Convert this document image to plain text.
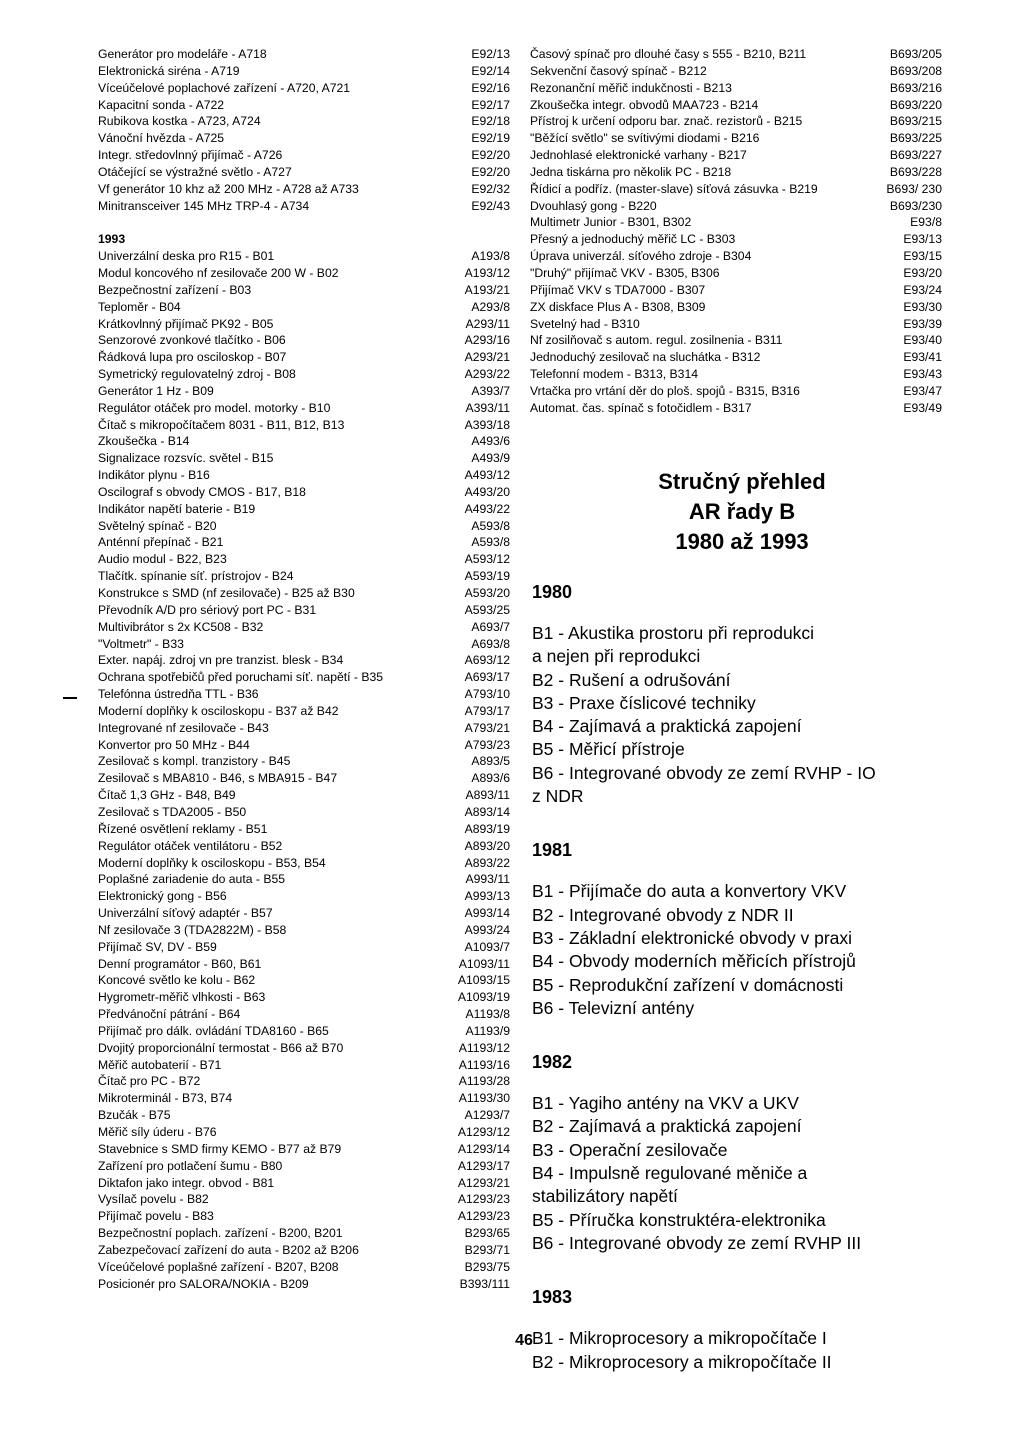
Generátor pro modeláře - A718	E92/13
Elektronická siréna - A719	E92/14
Víceúčelové poplachové zařízení - A720, A721	E92/16
Kapacitní sonda - A722	E92/17
Rubikova kostka - A723, A724	E92/18
Vánoční hvězda - A725	E92/19
Integr. středovlnný přijímač - A726	E92/20
Otáčející se výstražné světlo - A727	E92/20
Vf generátor 10 khz až 200 MHz - A728 až A733	E92/32
Minitransceiver 145 MHz TRP-4 - A734	E92/43
1993
Univerzální deska pro R15 - B01	A193/8
Modul koncového nf zesilovače 200 W - B02	A193/12
Bezpečnostní zařízení - B03	A193/21
Teploměr - B04	A293/8
Krátkovlnný přijímač PK92 - B05	A293/11
Senzorové zvonkové tlačítko - B06	A293/16
Řádková lupa pro osciloskop - B07	A293/21
Symetrický regulovatelný zdroj - B08	A293/22
Generátor 1 Hz - B09	A393/7
Regulátor otáček pro model. motorky - B10	A393/11
Čítač s mikropočítačem 8031 - B11, B12, B13	A393/18
Zkoušečka - B14	A493/6
Signalizace rozsvíc. světel - B15	A493/9
Indikátor plynu - B16	A493/12
Oscilograf s obvody CMOS - B17, B18	A493/20
Indikátor napětí baterie - B19	A493/22
Světelný spínač - B20	A593/8
Anténní přepínač - B21	A593/8
Audio modul - B22, B23	A593/12
Tlačítk. spínanie síť. prístrojov - B24	A593/19
Konstrukce s SMD (nf zesilovače) - B25 až B30	A593/20
Převodník A/D pro sériový port PC - B31	A593/25
Multivibrátor s 2x KC508 - B32	A693/7
"Voltmetr" - B33	A693/8
Exter. napáj. zdroj vn pre tranzist. blesk - B34	A693/12
Ochrana spotřebičů před poruchami síť. napětí - B35	A693/17
Telefónna ústredňa TTL - B36	A793/10
Moderní doplňky k osciloskopu - B37 až B42	A793/17
Integrované nf zesilovače - B43	A793/21
Konvertor pro 50 MHz - B44	A793/23
Zesilovač s kompl. tranzistory - B45	A893/5
Zesilovač s MBA810 - B46, s MBA915 - B47	A893/6
Čítač 1,3 GHz - B48, B49	A893/11
Zesilovač s TDA2005 - B50	A893/14
Řízené osvětlení reklamy - B51	A893/19
Regulátor otáček ventilátoru - B52	A893/20
Moderní doplňky k osciloskopu - B53, B54	A893/22
Poplašné zariadenie do auta - B55	A993/11
Elektronický gong - B56	A993/13
Univerzální síťový adaptér - B57	A993/14
Nf zesilovače 3 (TDA2822M) - B58	A993/24
Přijímač SV, DV - B59	A1093/7
Denní programátor - B60, B61	A1093/11
Koncové světlo ke kolu - B62	A1093/15
Hygrometr-měřič vlhkosti - B63	A1093/19
Předvánoční pátrání - B64	A1193/8
Přijímač pro dálk. ovládání TDA8160 - B65	A1193/9
Dvojitý proporcionální termostat - B66 až B70	A1193/12
Měřič autobaterií - B71	A1193/16
Čítač pro PC - B72	A1193/28
Mikroterminál - B73, B74	A1193/30
Bzučák - B75	A1293/7
Měřič síly úderu - B76	A1293/12
Stavebnice s SMD firmy KEMO - B77 až B79	A1293/14
Zařízení pro potlačení šumu - B80	A1293/17
Diktafon jako integr. obvod - B81	A1293/21
Vysílač povelu - B82	A1293/23
Přijímač povelu - B83	A1293/23
Bezpečnostní poplach. zařízení - B200, B201	B293/65
Zabezpečovací zařízení do auta - B202 až B206	B293/71
Víceúčelové poplašné zařízení - B207, B208	B293/75
Posicionér pro SALORA/NOKIA - B209	B393/111
Časový spínač pro dlouhé časy s 555 - B210, B211	B693/205
Sekvenční časový spínač - B212	B693/208
Rezonanční měřič indukčnosti - B213	B693/216
Zkoušečka integr. obvodů MAA723 - B214	B693/220
Přístroj k určení odporu bar. znač. rezistorů - B215	B693/215
"Běžící světlo" se svítivými diodami - B216	B693/225
Jednohlasé elektronické varhany - B217	B693/227
Jedna tiskárna pro několik PC - B218	B693/228
Řídicí a podříz. (master-slave) síťová zásuvka - B219	B693/ 230
Dvouhlasý gong - B220	B693/230
Multimetr Junior - B301, B302	E93/8
Přesný a jednoduchý měřič LC - B303	E93/13
Úprava univerzál. síťového zdroje - B304	E93/15
"Druhý" přijímač VKV - B305, B306	E93/20
Přijímač VKV s TDA7000 - B307	E93/24
ZX diskface Plus A - B308, B309	E93/30
Svetelný had - B310	E93/39
Nf zosilňovač s autom. regul. zosilnenia - B311	E93/40
Jednoduchý zesilovač na sluchátka - B312	E93/41
Telefonní modem - B313, B314	E93/43
Vrtačka pro vrtání děr do ploš. spojů - B315, B316	E93/47
Automat. čas. spínač s fotočidlem - B317	E93/49
Stručný přehled
AR řady B
1980 až 1993
1980
B1 - Akustika prostoru při reprodukci
a nejen při reprodukci
B2 - Rušení a odrušování
B3 - Praxe číslicové techniky
B4 - Zajímavá a praktická zapojení
B5 - Měřicí přístroje
B6 - Integrované obvody ze zemí RVHP - IO
z NDR
1981
B1 - Přijímače do auta a konvertory VKV
B2 - Integrované obvody z NDR II
B3 - Základní elektronické obvody v praxi
B4 - Obvody moderních měřicích přístrojů
B5 - Reprodukční zařízení v domácnosti
B6 - Televizní antény
1982
B1 - Yagiho antény na VKV a UKV
B2 - Zajímavá a praktická zapojení
B3 - Operační zesilovače
B4 - Impulsně regulované měniče a
stabilizátory napětí
B5 - Příručka konstruktéra-elektronika
B6 - Integrované obvody ze zemí RVHP III
1983
B1 - Mikroprocesory a mikropočítače I
B2 - Mikroprocesory a mikropočítače II
46
